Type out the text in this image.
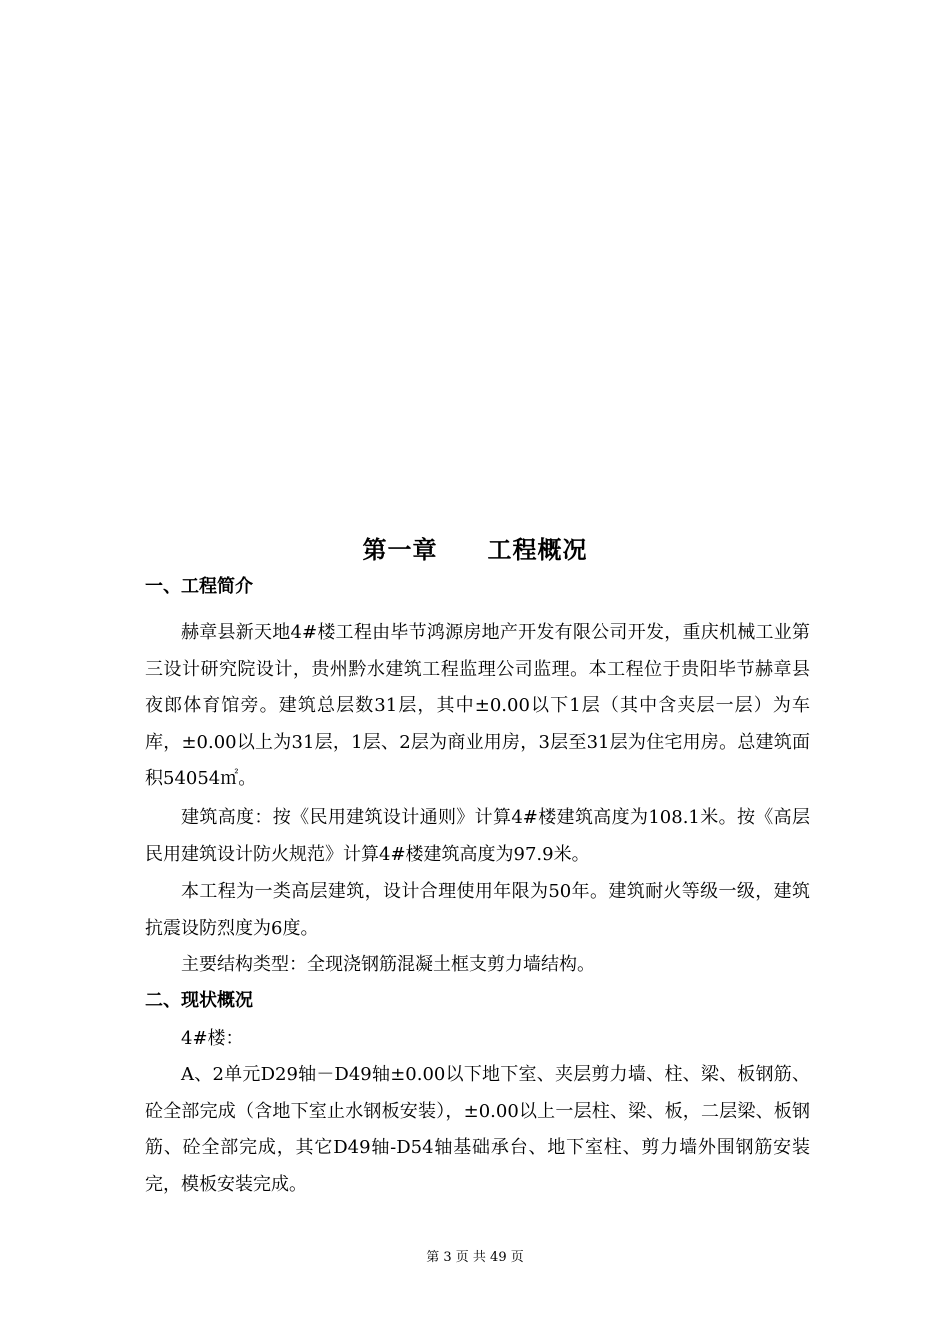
第一章　　工程概况
一、工程简介

赫章县新天地4#楼工程由毕节鸿源房地产开发有限公司开发，重庆机械工业第三设计研究院设计，贵州黔水建筑工程监理公司监理。本工程位于贵阳毕节赫章县夜郎体育馆旁。建筑总层数31层，其中±0.00以下1层（其中含夹层一层）为车库，±0.00以上为31层，1层、2层为商业用房，3层至31层为住宅用房。总建筑面积54054㎡。

建筑高度：按《民用建筑设计通则》计算4#楼建筑高度为108.1米。按《高层民用建筑设计防火规范》计算4#楼建筑高度为97.9米。

本工程为一类高层建筑，设计合理使用年限为50年。建筑耐火等级一级，建筑抗震设防烈度为6度。

主要结构类型：全现浇钢筋混凝土框支剪力墙结构。

二、现状概况

4#楼：

A、2单元D29轴－D49轴±0.00以下地下室、夹层剪力墙、柱、梁、板钢筋、砼全部完成（含地下室止水钢板安装），±0.00以上一层柱、梁、板，二层梁、板钢筋、砼全部完成，其它D49轴-D54轴基础承台、地下室柱、剪力墙外围钢筋安装完，模板安装完成。

第 3 页 共 49 页
